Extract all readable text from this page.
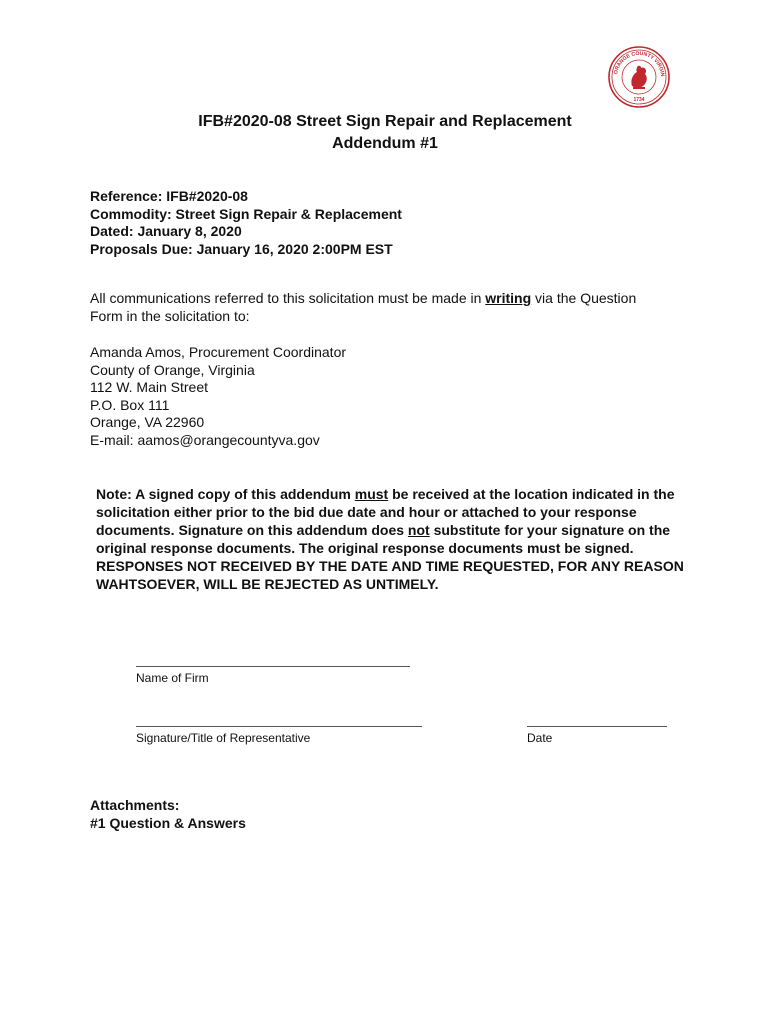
ORANGE COUNTY VIRGIN
1734
IFB#2020-08 Street Sign Repair and Replacement
Addendum #1
Reference: IFB#2020-08
Commodity: Street Sign Repair & Replacement
Dated: January 8, 2020
Proposals Due: January 16, 2020 2:00PM EST
All communications referred to this solicitation must be made in writing via the Question Form in the solicitation to:
Amanda Amos, Procurement Coordinator
County of Orange, Virginia
112 W. Main Street
P.O. Box 111
Orange, VA 22960
E-mail: aamos@orangecountyva.gov
Note: A signed copy of this addendum must be received at the location indicated in the solicitation either prior to the bid due date and hour or attached to your response documents. Signature on this addendum does not substitute for your signature on the original response documents. The original response documents must be signed. RESPONSES NOT RECEIVED BY THE DATE AND TIME REQUESTED, FOR ANY REASON WAHTSOEVER, WILL BE REJECTED AS UNTIMELY.
Name of Firm
Signature/Title of Representative	Date
Attachments:
#1 Question & Answers
